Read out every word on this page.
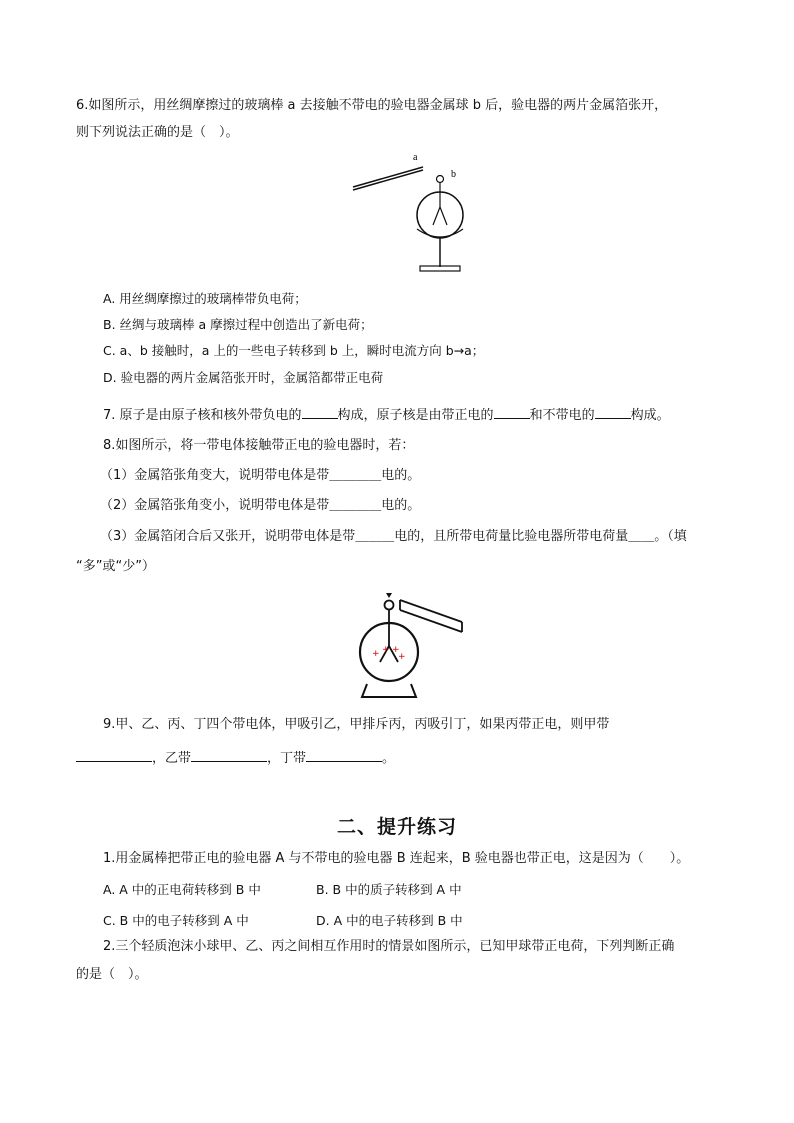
6.如图所示，用丝绸摩擦过的玻璃棒 a 去接触不带电的验电器金属球 b 后，验电器的两片金属箔张开，
则下列说法正确的是（　）。
a
b
A. 用丝绸摩擦过的玻璃棒带负电荷；
B. 丝绸与玻璃棒 a 摩擦过程中创造出了新电荷；
C. a、b 接触时，a 上的一些电子转移到 b 上，瞬时电流方向 b→a；
D. 验电器的两片金属箔张开时，金属箔都带正电荷
7. 原子是由原子核和核外带负电的	构成，原子核是由带正电的	和不带电的	构成。
8.如图所示，将一带电体接触带正电的验电器时，若：
（1）金属箔张角变大，说明带电体是带＿＿＿＿电的。
（2）金属箔张角变小，说明带电体是带＿＿＿＿电的。
（3）金属箔闭合后又张开，说明带电体是带＿＿＿电的，且所带电荷量比验电器所带电荷量＿＿。（填
“多”或“少”）
+ + +
+
9.甲、乙、丙、丁四个带电体，甲吸引乙，甲排斥丙，丙吸引丁，如果丙带正电，则甲带
，乙带	，丁带	。
二、提升练习
1.用金属棒把带正电的验电器 A 与不带电的验电器 B 连起来，B 验电器也带正电，这是因为（　　）。
A. A 中的正电荷转移到 B 中	B. B 中的质子转移到 A 中
C. B 中的电子转移到 A 中	D. A 中的电子转移到 B 中
2.三个轻质泡沫小球甲、乙、丙之间相互作用时的情景如图所示，已知甲球带正电荷，下列判断正确
的是（　）。
